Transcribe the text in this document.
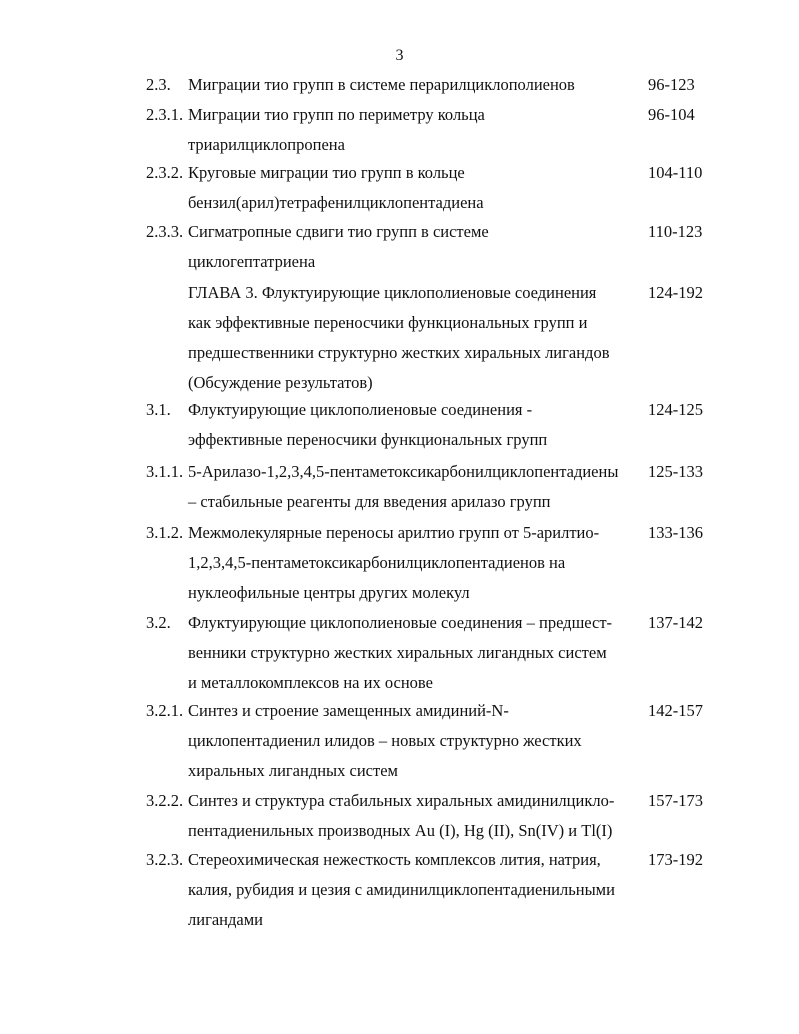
3
2.3. Миграции тио групп в системе перарилциклополиенов	96-123
2.3.1. Миграции тио групп по периметру кольца
триарилциклопропена
96-104
2.3.2. Круговые миграции тио групп в кольце
бензил(арил)тетрафенилциклопентадиена
104-110
2.3.3. Сигматропные сдвиги тио групп в системе
циклогептатриена
110-123
ГЛАВА 3. Флуктуирующие циклополиеновые соединения
как эффективные переносчики функциональных групп и
предшественники структурно жестких хиральных лигандов
(Обсуждение результатов)
124-192
3.1. Флуктуирующие циклополиеновые соединения -
эффективные переносчики функциональных групп
124-125
3.1.1. 5-Арилазо-1,2,3,4,5-пентаметоксикарбонилциклопентадиены
– стабильные реагенты для введения арилазо групп
125-133
3.1.2. Межмолекулярные переносы арилтио групп от 5-арилтио-
1,2,3,4,5-пентаметоксикарбонилциклопентадиенов на
нуклеофильные центры других молекул
133-136
3.2. Флуктуирующие циклополиеновые соединения – предшест-
венники структурно жестких хиральных лигандных систем
и металлокомплексов на их основе
137-142
3.2.1. Синтез и строение замещенных амидиний-N-
циклопентадиенил илидов – новых структурно жестких
хиральных лигандных систем
142-157
3.2.2. Синтез и структура стабильных хиральных амидинилцикло-
пентадиенильных производных Au (I), Hg (II), Sn(IV) и Tl(I)
157-173
3.2.3. Стереохимическая нежесткость комплексов лития, натрия,
калия, рубидия и цезия с амидинилциклопентадиенильными
лигандами
173-192
